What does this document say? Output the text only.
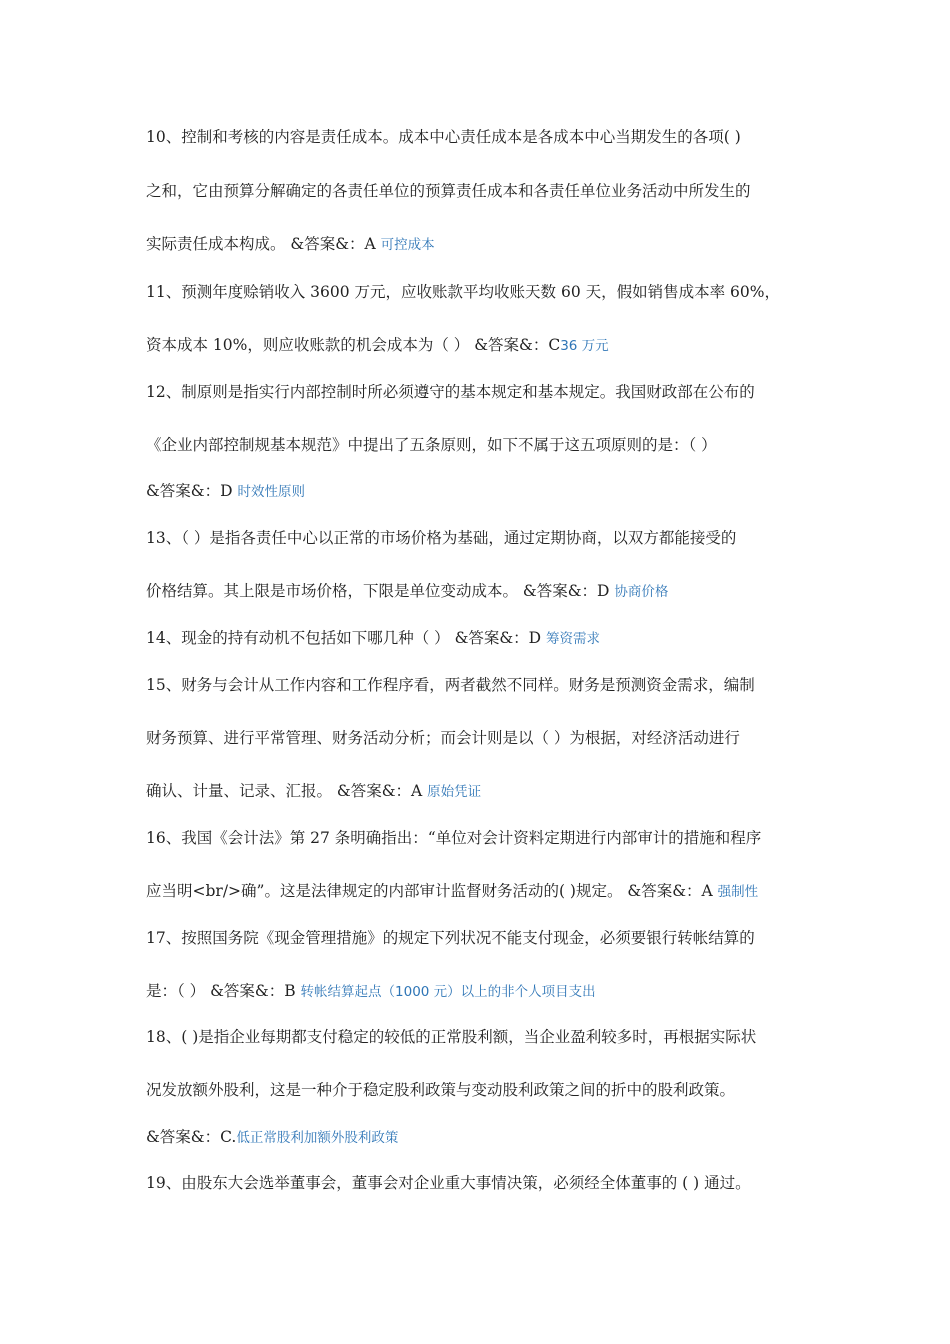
10、控制和考核的内容是责任成本。成本中心责任成本是各成本中心当期发生的各项( )
之和，它由预算分解确定的各责任单位的预算责任成本和各责任单位业务活动中所发生的
实际责任成本构成。 &答案&：A 可控成本
11、预测年度赊销收入 3600 万元，应收账款平均收账天数 60 天，假如销售成本率 60%，
资本成本 10%，则应收账款的机会成本为（ ） &答案&：C36 万元
12、制原则是指实行内部控制时所必须遵守的基本规定和基本规定。我国财政部在公布的
《企业内部控制规基本规范》中提出了五条原则，如下不属于这五项原则的是：（ ）
&答案&：D 时效性原则
13、（ ）是指各责任中心以正常的市场价格为基础，通过定期协商，以双方都能接受的
价格结算。其上限是市场价格，下限是单位变动成本。 &答案&：D 协商价格
14、现金的持有动机不包括如下哪几种（ ） &答案&：D 筹资需求
15、财务与会计从工作内容和工作程序看，两者截然不同样。财务是预测资金需求，编制
财务预算、进行平常管理、财务活动分析；而会计则是以（ ）为根据，对经济活动进行
确认、计量、记录、汇报。 &答案&：A 原始凭证
16、我国《会计法》第 27 条明确指出：“单位对会计资料定期进行内部审计的措施和程序
应当明<br/>确”。这是法律规定的内部审计监督财务活动的( )规定。 &答案&：A 强制性
17、按照国务院《现金管理措施》的规定下列状况不能支付现金，必须要银行转帐结算的
是：（ ） &答案&：B 转帐结算起点（1000 元）以上的非个人项目支出
18、( )是指企业每期都支付稳定的较低的正常股利额，当企业盈利较多时，再根据实际状
况发放额外股利，这是一种介于稳定股利政策与变动股利政策之间的折中的股利政策。
&答案&：C.低正常股利加额外股利政策
19、由股东大会选举董事会，董事会对企业重大事情决策，必须经全体董事的 ( ) 通过。
